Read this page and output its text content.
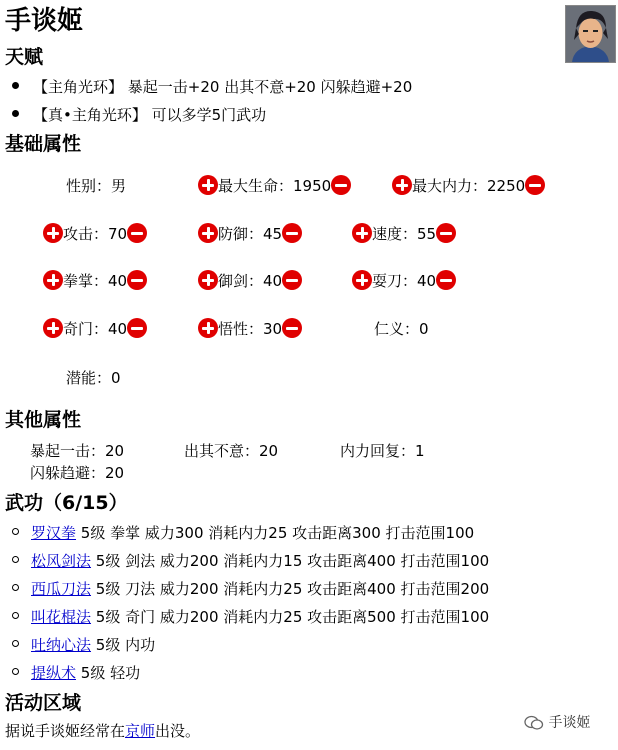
手谈姬
天赋
【主角光环】 暴起一击+20 出其不意+20 闪躲趋避+20
【真•主角光环】 可以多学5门武功
基础属性
性别：男	最大生命：1950	最大内力：2250
攻击：70	防御：45	速度：55
拳掌：40	御剑：40	耍刀：40
奇门：40	悟性：30	仁义：0
潜能：0
其他属性
暴起一击：20	出其不意：20	内力回复：1
闪躲趋避：20
武功（6/15）
罗汉拳 5级 拳掌 威力300 消耗内力25 攻击距离300 打击范围100
松风剑法 5级 剑法 威力200 消耗内力15 攻击距离400 打击范围100
西瓜刀法 5级 刀法 威力200 消耗内力25 攻击距离400 打击范围200
叫花棍法 5级 奇门 威力200 消耗内力25 攻击距离500 打击范围100
吐纳心法 5级 内功
提纵术 5级 轻功
活动区域
据说手谈姬经常在京师出没。	手谈姬
